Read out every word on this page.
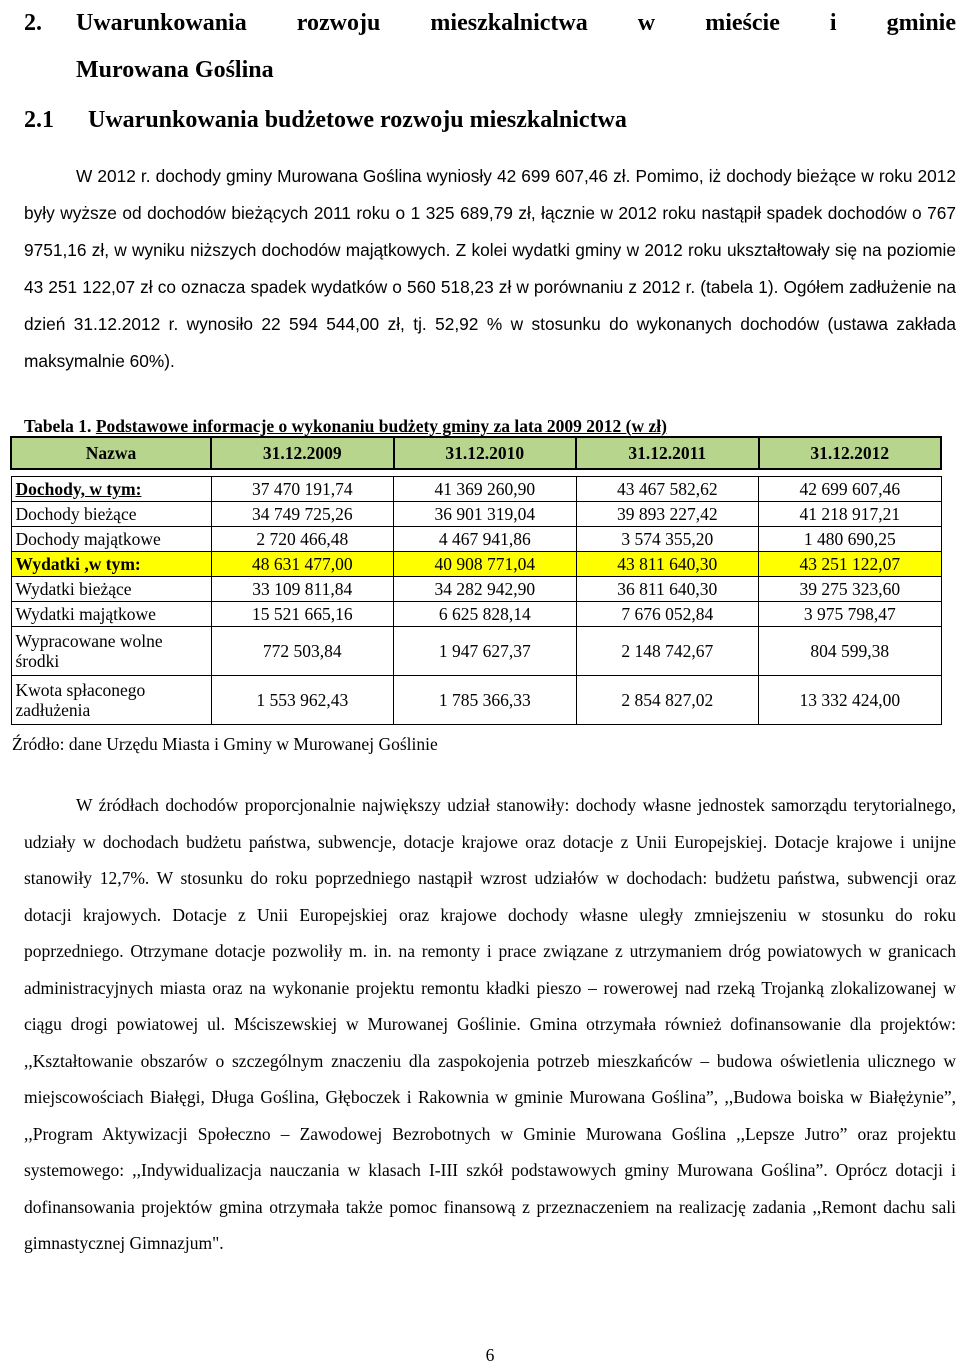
2. Uwarunkowania rozwoju mieszkalnictwa w mieście i gminie
Murowana Goślina
2.1 Uwarunkowania budżetowe rozwoju mieszkalnictwa

W 2012 r. dochody gminy Murowana Goślina wyniosły 42 699 607,46 zł. Pomimo, iż dochody bieżące w roku 2012 były wyższe od dochodów bieżących 2011 roku o 1 325 689,79 zł, łącznie w 2012 roku nastąpił spadek dochodów o 767 9751,16 zł, w wyniku niższych dochodów majątkowych. Z kolei wydatki gminy w 2012 roku ukształtowały się na poziomie 43 251 122,07 zł co oznacza spadek wydatków o 560 518,23 zł w porównaniu z 2012 r. (tabela 1). Ogółem zadłużenie na dzień 31.12.2012 r. wynosiło 22 594 544,00 zł, tj. 52,92 % w stosunku do wykonanych dochodów (ustawa zakłada maksymalnie 60%).

Tabela 1. Podstawowe informacje o wykonaniu budżety gminy za lata 2009 2012 (w zł)
Nazwa	31.12.2009	31.12.2010	31.12.2011	31.12.2012

Dochody, w tym:	37 470 191,74	41 369 260,90	43 467 582,62	42 699 607,46
Dochody bieżące	34 749 725,26	36 901 319,04	39 893 227,42	41 218 917,21
Dochody majątkowe	2 720 466,48	4 467 941,86	3 574 355,20	1 480 690,25
Wydatki ,w tym:	48 631 477,00	40 908 771,04	43 811 640,30	43 251 122,07
Wydatki bieżące	33 109 811,84	34 282 942,90	36 811 640,30	39 275 323,60
Wydatki majątkowe	15 521 665,16	6 625 828,14	7 676 052,84	3 975 798,47
Wypracowane wolne środki	772 503,84	1 947 627,37	2 148 742,67	804 599,38
Kwota spłaconego zadłużenia	1 553 962,43	1 785 366,33	2 854 827,02	13 332 424,00
Źródło: dane Urzędu Miasta i Gminy w Murowanej Goślinie

W źródłach dochodów proporcjonalnie największy udział stanowiły: dochody własne jednostek samorządu terytorialnego, udziały w dochodach budżetu państwa, subwencje, dotacje krajowe oraz dotacje z Unii Europejskiej. Dotacje krajowe i unijne stanowiły 12,7%. W stosunku do roku poprzedniego nastąpił wzrost udziałów w dochodach: budżetu państwa, subwencji oraz dotacji krajowych. Dotacje z Unii Europejskiej oraz krajowe dochody własne uległy zmniejszeniu w stosunku do roku poprzedniego. Otrzymane dotacje pozwoliły m. in. na remonty i prace związane z utrzymaniem dróg powiatowych w granicach administracyjnych miasta oraz na wykonanie projektu remontu kładki pieszo – rowerowej nad rzeką Trojanką zlokalizowanej w ciągu drogi powiatowej ul. Mściszewskiej w Murowanej Goślinie. Gmina otrzymała również dofinansowanie dla projektów: ,,Kształtowanie obszarów o szczególnym znaczeniu dla zaspokojenia potrzeb mieszkańców – budowa oświetlenia ulicznego w miejscowościach Białęgi, Długa Goślina, Głęboczek i Rakownia w gminie Murowana Goślina”, ,,Budowa boiska w Białężynie”, ,,Program Aktywizacji Społeczno – Zawodowej Bezrobotnych w Gminie Murowana Goślina ,,Lepsze Jutro” oraz projektu systemowego: ,,Indywidualizacja nauczania w klasach I-III szkół podstawowych gminy Murowana Goślina”. Oprócz dotacji i dofinansowania projektów gmina otrzymała także pomoc finansową z przeznaczeniem na realizację zadania ,,Remont dachu sali gimnastycznej Gimnazjum".

6
